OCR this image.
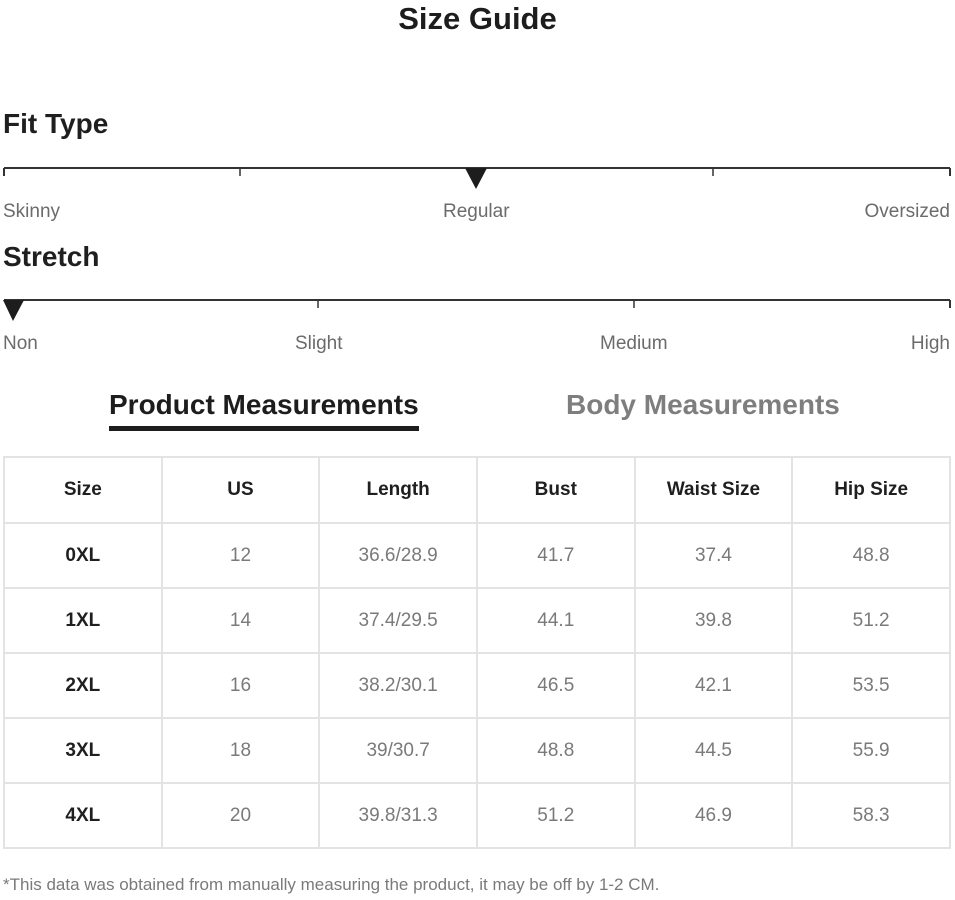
Size Guide
Fit Type
Skinny	Regular	Oversized
Stretch
Non	Slight	Medium	High
Product Measurements	Body Measurements
Size	US	Length	Bust	Waist Size	Hip Size
0XL	12	36.6/28.9	41.7	37.4	48.8
1XL	14	37.4/29.5	44.1	39.8	51.2
2XL	16	38.2/30.1	46.5	42.1	53.5
3XL	18	39/30.7	48.8	44.5	55.9
4XL	20	39.8/31.3	51.2	46.9	58.3
*This data was obtained from manually measuring the product, it may be off by 1-2 CM.
